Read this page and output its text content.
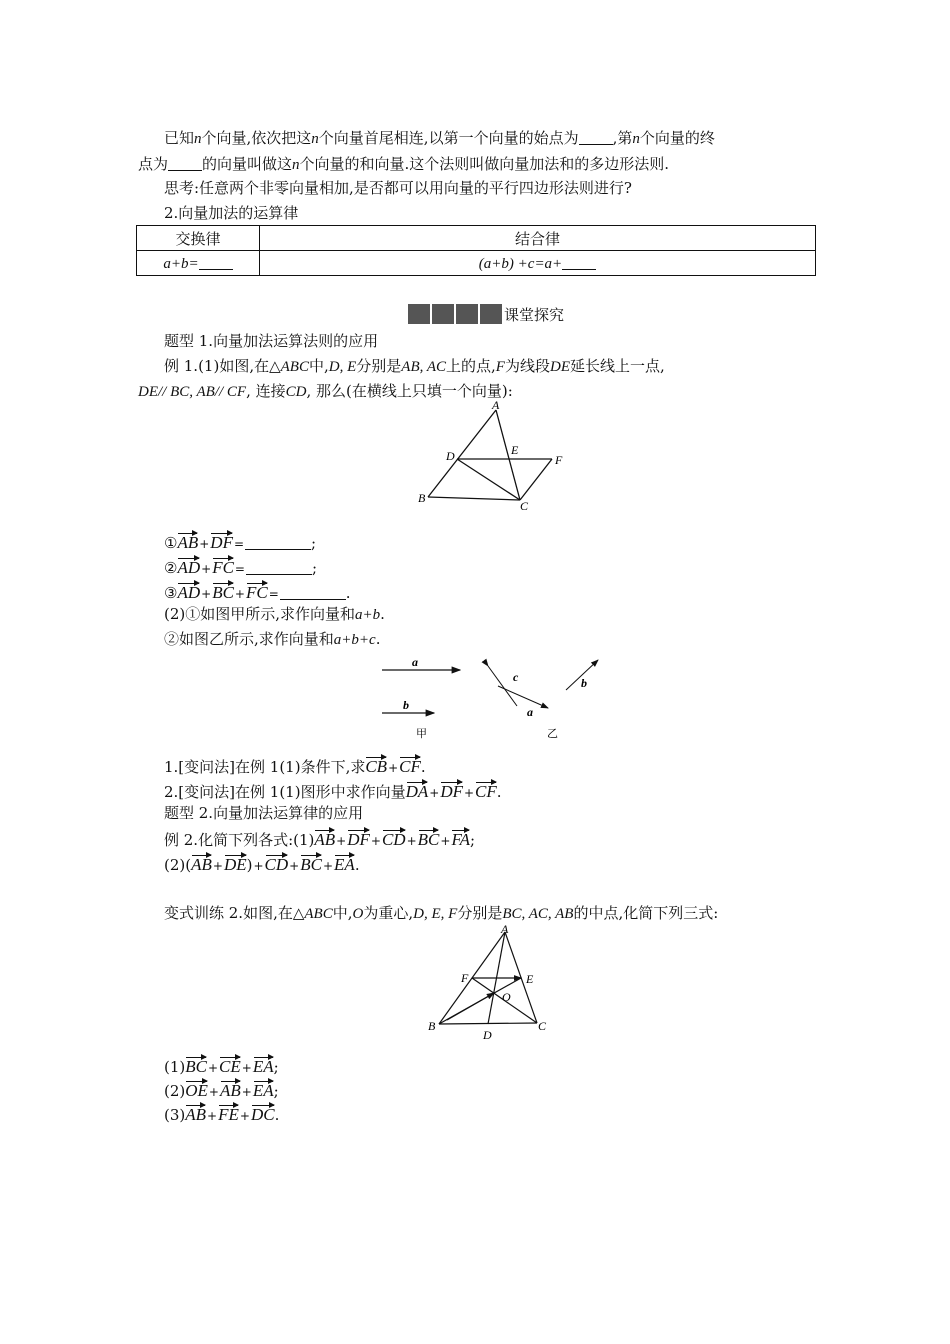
已知n个向量,依次把这n个向量首尾相连,以第一个向量的始点为 ,第n个向量的终
点为 的向量叫做这n个向量的和向量.这个法则叫做向量加法和的多边形法则.
思考:任意两个非零向量相加,是否都可以用向量的平行四边形法则进行?
2.向量加法的运算律
交换律	结合律
a+b=	(a+b) +c=a+
课堂探究
题型 1.向量加法运算法则的应用
例 1.(1)如图,在△ABC中,D, E分别是AB, AC上的点,F为线段DE延长线上一点,
DE// BC, AB// CF, 连接CD, 那么(在横线上只填一个向量):
A
B
C
D	E
F
①AB+DF=	;
②AD+FC=	;
③AD+BC+FC=	.
(2)①如图甲所示,求作向量和a+b.
②如图乙所示,求作向量和a+b+c.
a
b
c
a
b
甲	乙
1.[变问法]在例 1(1)条件下,求CB+CF.
2.[变问法]在例 1(1)图形中求作向量DA+DF+CF.
题型 2.向量加法运算律的应用
例 2.化简下列各式:(1)AB+DF+CD+BC+FA;
(2)(AB+DE)+CD+BC+EA.
变式训练 2.如图,在△ABC中,O为重心,D, E, F分别是BC, AC, AB的中点,化简下列三式:
A
B	C
D
E
F
O
(1)BC+CE+EA;
(2)OE+AB+EA;
(3)AB+FE+DC.
